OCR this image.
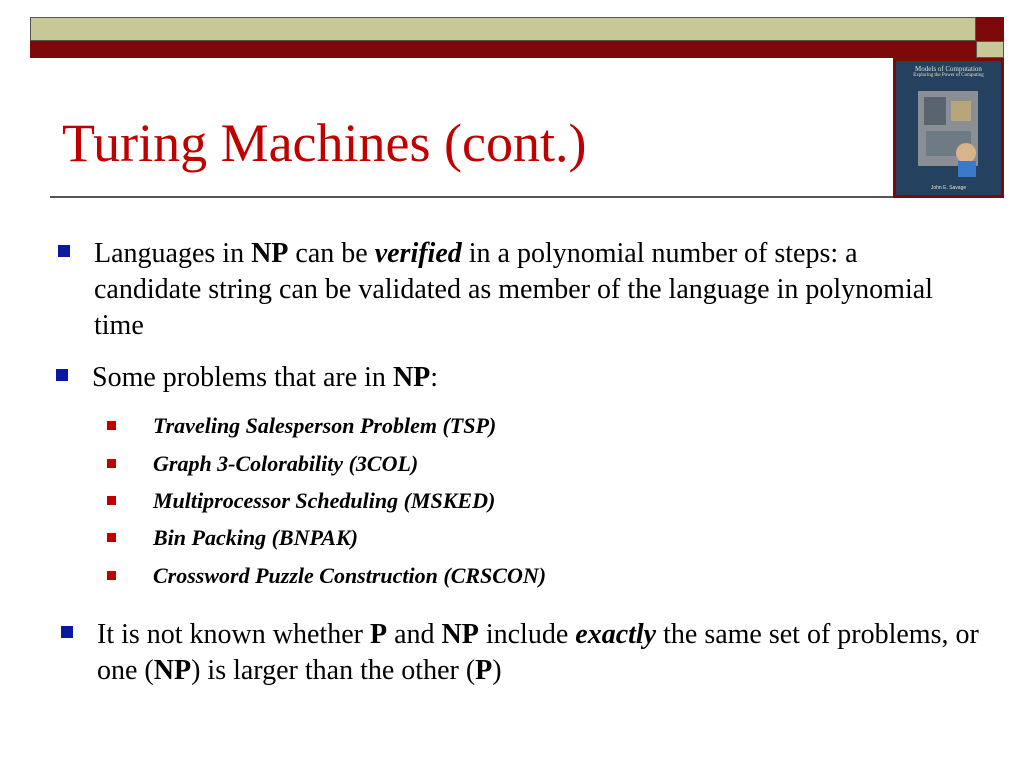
Models of Computation
Exploring the Power of Computing
John E. Savage
Turing Machines (cont.)
Languages in NP can be verified in a polynomial number of steps: a candidate string can be validated as member of the language in polynomial time
Some problems that are in NP:
Traveling Salesperson Problem (TSP)
Graph 3-Colorability (3COL)
Multiprocessor Scheduling (MSKED)
Bin Packing (BNPAK)
Crossword Puzzle Construction (CRSCON)
It is not known whether P and NP include exactly the same set of problems, or one (NP) is larger than the other (P)
